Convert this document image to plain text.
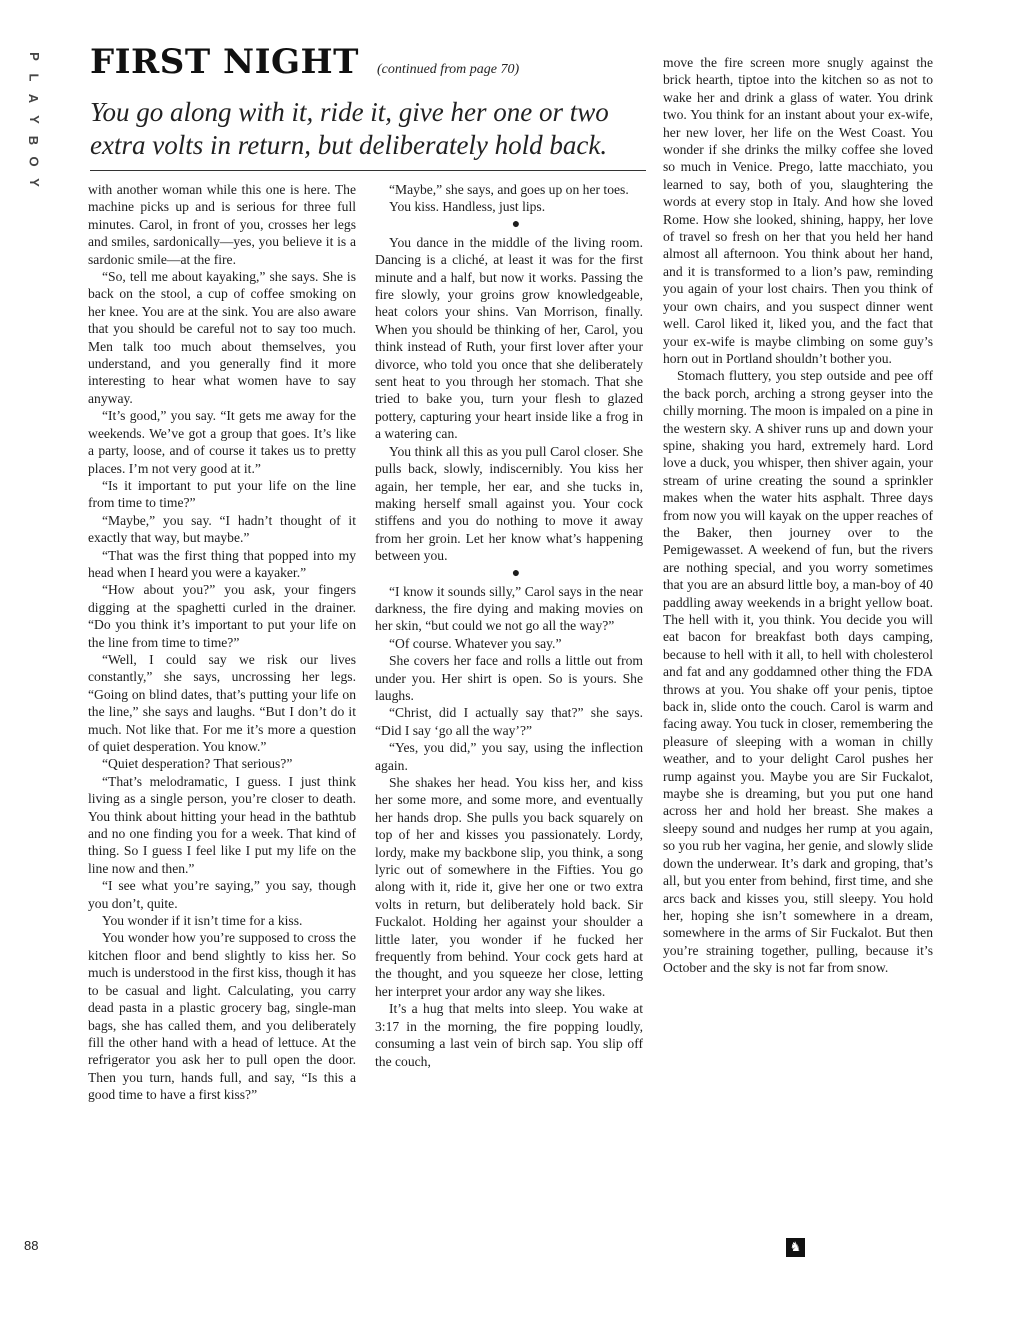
P
L
A
Y
B
O
Y
FIRST NIGHT (continued from page 70)

You go along with it, ride it, give her one or two extra volts in return, but deliberately hold back.

with another woman while this one is here. The machine picks up and is serious for three full minutes. Carol, in front of you, crosses her legs and smiles, sardonically—yes, you believe it is a sardonic smile—at the fire.

“So, tell me about kayaking,” she says. She is back on the stool, a cup of coffee smoking on her knee. You are at the sink. You are also aware that you should be careful not to say too much. Men talk too much about themselves, you understand, and you generally find it more interesting to hear what women have to say anyway.

“It’s good,” you say. “It gets me away for the weekends. We’ve got a group that goes. It’s like a party, loose, and of course it takes us to pretty places. I’m not very good at it.”

“Is it important to put your life on the line from time to time?”

“Maybe,” you say. “I hadn’t thought of it exactly that way, but maybe.”

“That was the first thing that popped into my head when I heard you were a kayaker.”

“How about you?” you ask, your fingers digging at the spaghetti curled in the drainer. “Do you think it’s important to put your life on the line from time to time?”

“Well, I could say we risk our lives constantly,” she says, uncrossing her legs. “Going on blind dates, that’s putting your life on the line,” she says and laughs. “But I don’t do it much. Not like that. For me it’s more a question of quiet desperation. You know.”

“Quiet desperation? That serious?”

“That’s melodramatic, I guess. I just think living as a single person, you’re closer to death. You think about hitting your head in the bathtub and no one finding you for a week. That kind of thing. So I guess I feel like I put my life on the line now and then.”

“I see what you’re saying,” you say, though you don’t, quite.

You wonder if it isn’t time for a kiss.

You wonder how you’re supposed to cross the kitchen floor and bend slightly to kiss her. So much is understood in the first kiss, though it has to be casual and light. Calculating, you carry dead pasta in a plastic grocery bag, single-man bags, she has called them, and you deliberately fill the other hand with a head of lettuce. At the refrigerator you ask her to pull open the door. Then you turn, hands full, and say, “Is this a good time to have a first kiss?”

“Maybe,” she says, and goes up on her toes.

You kiss. Handless, just lips.

●

You dance in the middle of the living room. Dancing is a cliché, at least it was for the first minute and a half, but now it works. Passing the fire slowly, your groins grow knowledgeable, heat colors your shins. Van Morrison, finally. When you should be thinking of her, Carol, you think instead of Ruth, your first lover after your divorce, who told you once that she deliberately sent heat to you through her stomach. That she tried to bake you, turn your flesh to glazed pottery, capturing your heart inside like a frog in a watering can.

You think all this as you pull Carol closer. She pulls back, slowly, indiscernibly. You kiss her again, her temple, her ear, and she tucks in, making herself small against you. Your cock stiffens and you do nothing to move it away from her groin. Let her know what’s happening between you.

●

“I know it sounds silly,” Carol says in the near darkness, the fire dying and making movies on her skin, “but could we not go all the way?”

“Of course. Whatever you say.”

She covers her face and rolls a little out from under you. Her shirt is open. So is yours. She laughs.

“Christ, did I actually say that?” she says. “Did I say ‘go all the way’?”

“Yes, you did,” you say, using the inflection again.

She shakes her head. You kiss her, and kiss her some more, and some more, and eventually her hands drop. She pulls you back squarely on top of her and kisses you passionately. Lordy, lordy, make my backbone slip, you think, a song lyric out of somewhere in the Fifties. You go along with it, ride it, give her one or two extra volts in return, but deliberately hold back. Sir Fuckalot. Holding her against your shoulder a little later, you wonder if he fucked her frequently from behind. Your cock gets hard at the thought, and you squeeze her close, letting her interpret your ardor any way she likes.

It’s a hug that melts into sleep. You wake at 3:17 in the morning, the fire popping loudly, consuming a last vein of birch sap. You slip off the couch,

move the fire screen more snugly against the brick hearth, tiptoe into the kitchen so as not to wake her and drink a glass of water. You drink two. You think for an instant about your ex-wife, her new lover, her life on the West Coast. You wonder if she drinks the milky coffee she loved so much in Venice. Prego, latte macchiato, you learned to say, both of you, slaughtering the words at every stop in Italy. And how she loved Rome. How she looked, shining, happy, her love of travel so fresh on her that you held her hand almost all afternoon. You think about her hand, and it is transformed to a lion’s paw, reminding you again of your lost chairs. Then you think of your own chairs, and you suspect dinner went well. Carol liked it, liked you, and the fact that your ex-wife is maybe climbing on some guy’s horn out in Portland shouldn’t bother you.

Stomach fluttery, you step outside and pee off the back porch, arching a strong geyser into the chilly morning. The moon is impaled on a pine in the western sky. A shiver runs up and down your spine, shaking you hard, extremely hard. Lord love a duck, you whisper, then shiver again, your stream of urine creating the sound a sprinkler makes when the water hits asphalt. Three days from now you will kayak on the upper reaches of the Baker, then journey over to the Pemigewasset. A weekend of fun, but the rivers are nothing special, and you worry sometimes that you are an absurd little boy, a man-boy of 40 paddling away weekends in a bright yellow boat. The hell with it, you think. You decide you will eat bacon for breakfast both days camping, because to hell with it all, to hell with cholesterol and fat and any goddamned other thing the FDA throws at you. You shake off your penis, tiptoe back in, slide onto the couch. Carol is warm and facing away. You tuck in closer, remembering the pleasure of sleeping with a woman in chilly weather, and to your delight Carol pushes her rump against you. Maybe you are Sir Fuckalot, maybe she is dreaming, but you put one hand across her and hold her breast. She makes a sleepy sound and nudges her rump at you again, so you rub her vagina, her genie, and slowly slide down the underwear. It’s dark and groping, that’s all, but you enter from behind, first time, and she arcs back and kisses you, still sleepy. You hold her, hoping she isn’t somewhere in a dream, somewhere in the arms of Sir Fuckalot. But then you’re straining together, pulling, because it’s October and the sky is not far from snow.

♞
88
